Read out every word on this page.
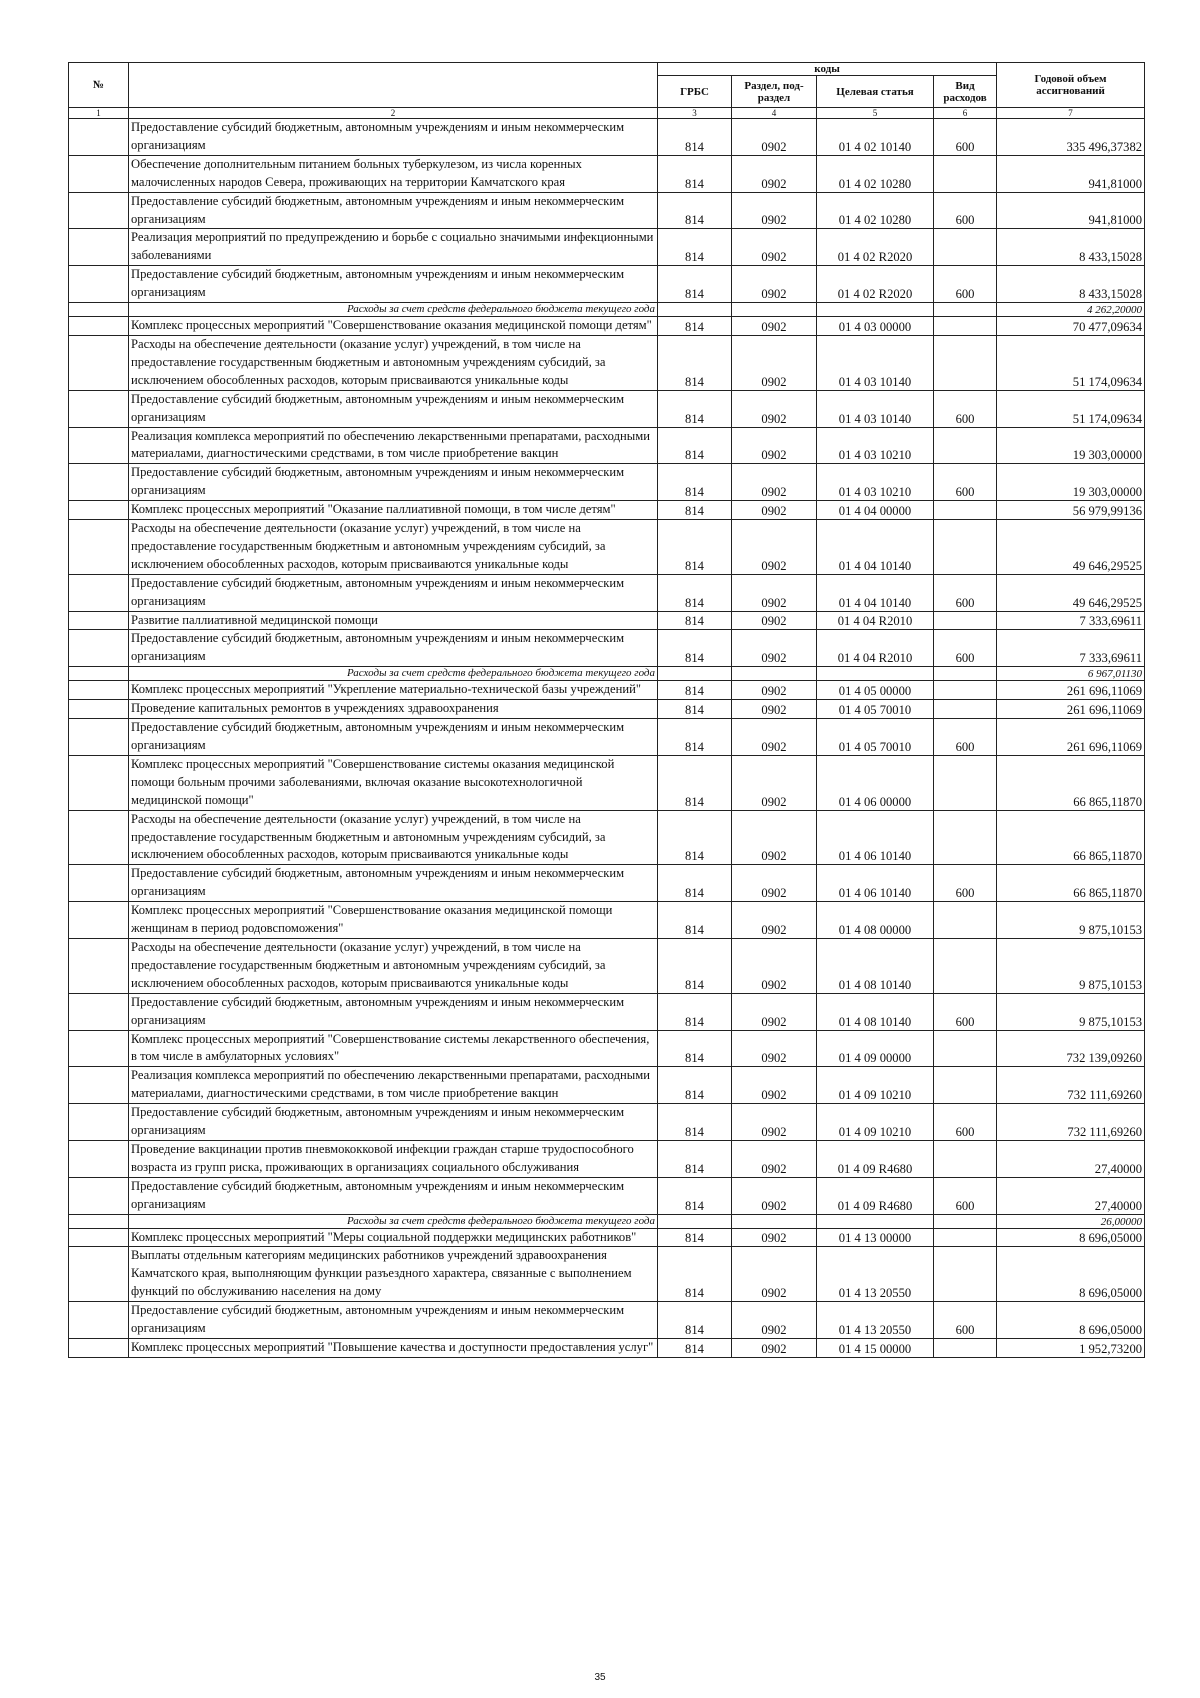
№		коды				Годовой объем ассигнований
		ГРБС	Раздел, под-раздел	Целевая статья	Вид расходов	
1	2	3	4	5	6	7
	Предоставление субсидий бюджетным, автономным учреждениям и иным некоммерческим организациям	814	0902	01 4 02 10140	600	335 496,37382
	Обеспечение дополнительным питанием больных туберкулезом, из числа коренных малочисленных народов Севера, проживающих на территории Камчатского края	814	0902	01 4 02 10280		941,81000
	Предоставление субсидий бюджетным, автономным учреждениям и иным некоммерческим организациям	814	0902	01 4 02 10280	600	941,81000
	Реализация мероприятий по предупреждению и борьбе с социально значимыми инфекционными заболеваниями	814	0902	01 4 02 R2020		8 433,15028
	Предоставление субсидий бюджетным, автономным учреждениям и иным некоммерческим организациям	814	0902	01 4 02 R2020	600	8 433,15028
	Расходы за счет средств федерального бюджета текущего года					4 262,20000
	Комплекс процессных мероприятий "Совершенствование оказания медицинской помощи детям"	814	0902	01 4 03 00000		70 477,09634
	Расходы на обеспечение деятельности (оказание услуг) учреждений, в том числе на предоставление государственным бюджетным и автономным учреждениям субсидий, за исключением обособленных расходов, которым присваиваются уникальные коды	814	0902	01 4 03 10140		51 174,09634
	Предоставление субсидий бюджетным, автономным учреждениям и иным некоммерческим организациям	814	0902	01 4 03 10140	600	51 174,09634
	Реализация комплекса мероприятий по обеспечению лекарственными препаратами, расходными материалами, диагностическими средствами, в том числе приобретение вакцин	814	0902	01 4 03 10210		19 303,00000
	Предоставление субсидий бюджетным, автономным учреждениям и иным некоммерческим организациям	814	0902	01 4 03 10210	600	19 303,00000
	Комплекс процессных мероприятий "Оказание паллиативной помощи, в том числе детям"	814	0902	01 4 04 00000		56 979,99136
	Расходы на обеспечение деятельности (оказание услуг) учреждений, в том числе на предоставление государственным бюджетным и автономным учреждениям субсидий, за исключением обособленных расходов, которым присваиваются уникальные коды	814	0902	01 4 04 10140		49 646,29525
	Предоставление субсидий бюджетным, автономным учреждениям и иным некоммерческим организациям	814	0902	01 4 04 10140	600	49 646,29525
	Развитие паллиативной медицинской помощи	814	0902	01 4 04 R2010		7 333,69611
	Предоставление субсидий бюджетным, автономным учреждениям и иным некоммерческим организациям	814	0902	01 4 04 R2010	600	7 333,69611
	Расходы за счет средств федерального бюджета текущего года					6 967,01130
	Комплекс процессных мероприятий "Укрепление материально-технической базы учреждений"	814	0902	01 4 05 00000		261 696,11069
	Проведение капитальных ремонтов в учреждениях здравоохранения	814	0902	01 4 05 70010		261 696,11069
	Предоставление субсидий бюджетным, автономным учреждениям и иным некоммерческим организациям	814	0902	01 4 05 70010	600	261 696,11069
	Комплекс процессных мероприятий "Совершенствование системы оказания медицинской помощи больным прочими заболеваниями, включая оказание высокотехнологичной медицинской помощи"	814	0902	01 4 06 00000		66 865,11870
	Расходы на обеспечение деятельности (оказание услуг) учреждений, в том числе на предоставление государственным бюджетным и автономным учреждениям субсидий, за исключением обособленных расходов, которым присваиваются уникальные коды	814	0902	01 4 06 10140		66 865,11870
	Предоставление субсидий бюджетным, автономным учреждениям и иным некоммерческим организациям	814	0902	01 4 06 10140	600	66 865,11870
	Комплекс процессных мероприятий "Совершенствование оказания медицинской помощи женщинам в период родовспоможения"	814	0902	01 4 08 00000		9 875,10153
	Расходы на обеспечение деятельности (оказание услуг) учреждений, в том числе на предоставление государственным бюджетным и автономным учреждениям субсидий, за исключением обособленных расходов, которым присваиваются уникальные коды	814	0902	01 4 08 10140		9 875,10153
	Предоставление субсидий бюджетным, автономным учреждениям и иным некоммерческим организациям	814	0902	01 4 08 10140	600	9 875,10153
	Комплекс процессных мероприятий "Совершенствование системы лекарственного обеспечения, в том числе в амбулаторных условиях"	814	0902	01 4 09 00000		732 139,09260
	Реализация комплекса мероприятий по обеспечению лекарственными препаратами, расходными материалами, диагностическими средствами, в том числе приобретение вакцин	814	0902	01 4 09 10210		732 111,69260
	Предоставление субсидий бюджетным, автономным учреждениям и иным некоммерческим организациям	814	0902	01 4 09 10210	600	732 111,69260
	Проведение вакцинации против пневмококковой инфекции граждан старше трудоспособного возраста из групп риска, проживающих в организациях социального обслуживания	814	0902	01 4 09 R4680		27,40000
	Предоставление субсидий бюджетным, автономным учреждениям и иным некоммерческим организациям	814	0902	01 4 09 R4680	600	27,40000
	Расходы за счет средств федерального бюджета текущего года					26,00000
	Комплекс процессных мероприятий "Меры социальной поддержки медицинских работников"	814	0902	01 4 13 00000		8 696,05000
	Выплаты отдельным категориям медицинских работников учреждений здравоохранения Камчатского края, выполняющим функции разъездного характера, связанные с выполнением функций по обслуживанию населения на дому	814	0902	01 4 13 20550		8 696,05000
	Предоставление субсидий бюджетным, автономным учреждениям и иным некоммерческим организациям	814	0902	01 4 13 20550	600	8 696,05000
	Комплекс процессных мероприятий "Повышение качества и доступности предоставления услуг"	814	0902	01 4 15 00000		1 952,73200
35
